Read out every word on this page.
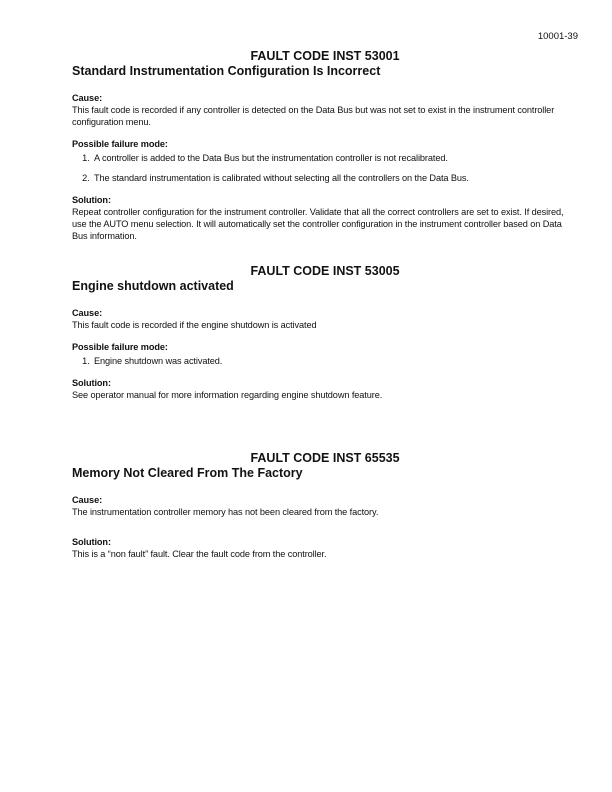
10001-39
FAULT CODE INST 53001
Standard Instrumentation Configuration Is Incorrect
Cause:

This fault code is recorded if any controller is detected on the Data Bus but was not set to exist in the instrument controller configuration menu.

Possible failure mode:
1. A controller is added to the Data Bus but the instrumentation controller is not recalibrated.
2. The standard instrumentation is calibrated without selecting all the controllers on the Data Bus.
Solution:

Repeat controller configuration for the instrument controller. Validate that all the correct controllers are set to exist. If desired, use the AUTO menu selection. It will automatically set the controller configuration in the instrument controller based on Data Bus information.

FAULT CODE INST 53005
Engine shutdown activated
Cause:

This fault code is recorded if the engine shutdown is activated

Possible failure mode:
1. Engine shutdown was activated.
Solution:

See operator manual for more information regarding engine shutdown feature.

FAULT CODE INST 65535
Memory Not Cleared From The Factory
Cause:

The instrumentation controller memory has not been cleared from the factory.

Solution:

This is a “non fault” fault. Clear the fault code from the controller.
